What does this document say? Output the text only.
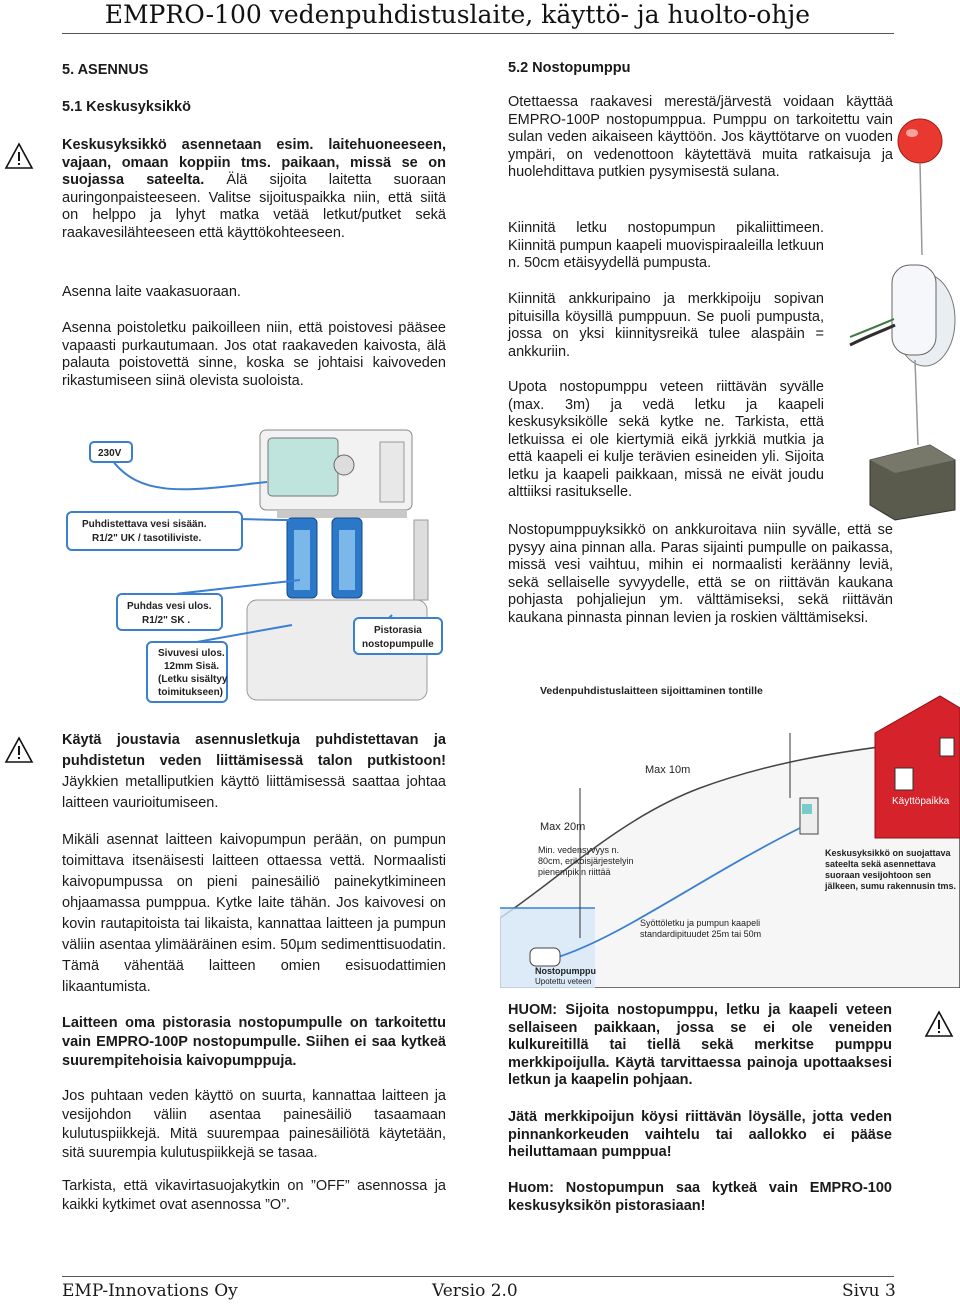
EMPRO-100 vedenpuhdistuslaite, käyttö- ja huolto-ohje
5. ASENNUS
5.1 Keskusyksikkö
Keskusyksikkö asennetaan esim. laitehuoneeseen, vajaan, omaan koppiin tms. paikaan, missä se on suojassa sateelta. Älä sijoita laitetta suoraan auringonpaisteeseen. Valitse sijoituspaikka niin, että siitä on helppo ja lyhyt matka vetää letkut/putket sekä raakavesilähteeseen että käyttökohteeseen.
Asenna laite vaakasuoraan.
Asenna poistoletku paikoilleen niin, että poistovesi pääsee vapaasti purkautumaan. Jos otat raakaveden kaivosta, älä palauta poistovettä sinne, koska se johtaisi kaivoveden rikastumiseen siinä olevista suoloista.
230V
Puhdistettava vesi sisään.
R1/2" UK / tasotiliviste.
Puhdas vesi ulos.
R1/2" SK .
Pistorasia
nostopumpulle
Sivuvesi ulos.
12mm Sisä.
(Letku sisältyy
toimitukseen)
Käytä joustavia asennusletkuja puhdistettavan ja puhdistetun veden liittämisessä talon putkistoon! Jäykkien metalliputkien käyttö liittämisessä saattaa johtaa laitteen vaurioitumiseen.
Mikäli asennat laitteen kaivopumpun perään, on pumpun toimittava itsenäisesti laitteen ottaessa vettä. Normaalisti kaivopumpussa on pieni painesäiliö painekytkimineen ohjaamassa pumppua. Kytke laite tähän. Jos kaivovesi on kovin rautapitoista tai likaista, kannattaa laitteen ja pumpun väliin asentaa ylimääräinen esim. 50µm sedimenttisuodatin. Tämä vähentää laitteen omien esisuodattimien likaantumista.
Laitteen oma pistorasia nostopumpulle on tarkoitettu vain EMPRO-100P nostopumpulle. Siihen ei saa kytkeä suurempitehoisia kaivopumppuja.
Jos puhtaan veden käyttö on suurta, kannattaa laitteen ja vesijohdon väliin asentaa painesäiliö tasaamaan kulutuspiikkejä. Mitä suurempaa painesäiliötä käytetään, sitä suurempia kulutuspiikkejä se tasaa.
Tarkista, että vikavirtasuojakytkin on ”OFF” asennossa ja kaikki kytkimet ovat asennossa ”O”.
5.2 Nostopumppu
Otettaessa raakavesi merestä/järvestä voidaan käyttää EMPRO-100P nostopumppua. Pumppu on tarkoitettu vain sulan veden aikaiseen käyttöön. Jos käyttötarve on vuoden ympäri, on vedenottoon käytettävä muita ratkaisuja ja huolehdittava putkien pysymisestä sulana.
Kiinnitä letku nostopumpun pikaliittimeen. Kiinnitä pumpun kaapeli muovispiraaleilla letkuun n. 50cm etäisyydellä pumpusta.
Kiinnitä ankkuripaino ja merkkipoiju sopivan pituisilla köysillä pumppuun. Se puoli pumpusta, jossa on yksi kiinnitysreikä tulee alaspäin = ankkuriin.
Upota nostopumppu veteen riittävän syvälle (max. 3m) ja vedä letku ja kaapeli keskusyksikölle sekä kytke ne. Tarkista, että letkuissa ei ole kiertymiä eikä jyrkkiä mutkia ja että kaapeli ei kulje terävien esineiden yli. Sijoita letku ja kaapeli paikkaan, missä ne eivät joudu alttiiksi rasitukselle.
Nostopumppuyksikkö on ankkuroitava niin syvälle, että se pysyy aina pinnan alla. Paras sijainti pumpulle on paikassa, missä vesi vaihtuu, mihin ei normaalisti keräänny leviä, sekä sellaiselle syvyydelle, että se on riittävän kaukana pohjasta pohjaliejun ym. välttämiseksi, sekä riittävän kaukana pinnasta pinnan levien ja roskien välttämiseksi.
Vedenpuhdistuslaitteen sijoittaminen tontille
Max 10m
Max 20m
Käyttöpaikka
Min. vedensyvyys n.
80cm, erikoisjärjestelyin
pienempikin riittää
Keskusyksikkö on suojattava
sateelta sekä asennettava
suoraan vesijohtoon sen
jälkeen, sumu rakennusin tms.
Syöttöletku ja pumpun kaapeli
standardipituudet 25m tai 50m
Nostopumppu
Upotettu veteen
HUOM: Sijoita nostopumppu, letku ja kaapeli veteen sellaiseen paikkaan, jossa se ei ole veneiden kulkureitillä tai tiellä sekä merkitse pumppu merkkipoijulla. Käytä tarvittaessa painoja upottaaksesi letkun ja kaapelin pohjaan.
Jätä merkkipoijun köysi riittävän löysälle, jotta veden pinnankorkeuden vaihtelu tai aallokko ei pääse heiluttamaan pumppua!
Huom: Nostopumpun saa kytkeä vain EMPRO-100 keskusyksikön pistorasiaan!
EMP-Innovations Oy	Versio 2.0	Sivu 3
